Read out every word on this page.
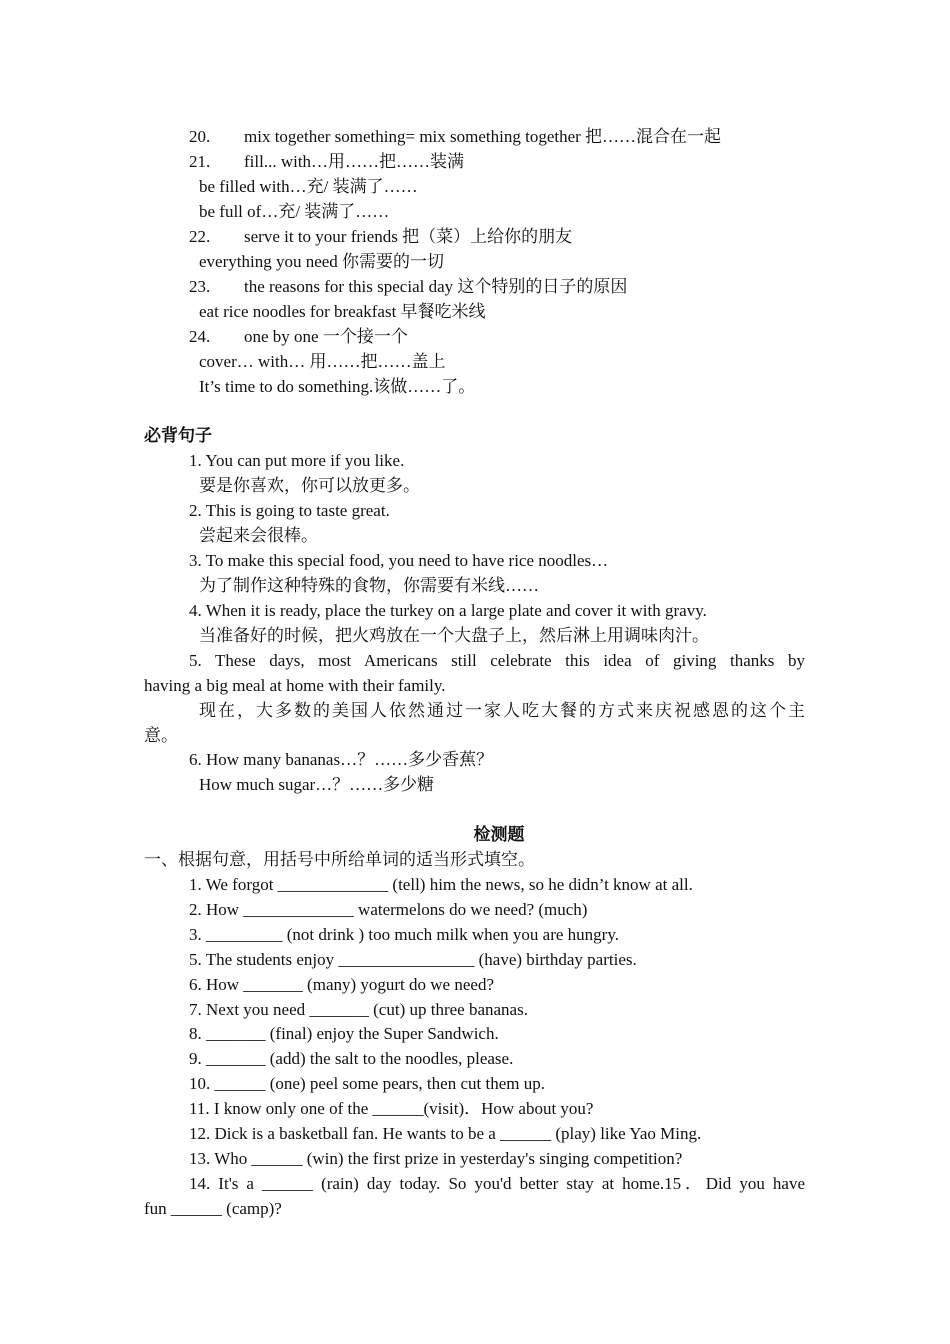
20. mix together something= mix something together 把……混合在一起
21. fill... with…用……把……装满
be filled with…充/ 装满了……
be full of…充/ 装满了……
22. serve it to your friends 把（菜）上给你的朋友
everything you need 你需要的一切
23. the reasons for this special day 这个特别的日子的原因
eat rice noodles for breakfast 早餐吃米线
24. one by one 一个接一个
cover… with… 用……把……盖上
It’s time to do something.该做……了。
必背句子
1. You can put more if you like.
要是你喜欢，你可以放更多。
2. This is going to taste great.
尝起来会很棒。
3. To make this special food, you need to have rice noodles…
为了制作这种特殊的食物，你需要有米线……
4. When it is ready, place the turkey on a large plate and cover it with gravy.
当准备好的时候，把火鸡放在一个大盘子上，然后淋上用调味肉汁。
5. These days, most Americans still celebrate this idea of giving thanks by
having a big meal at home with their family.
现在，大多数的美国人依然通过一家人吃大餐的方式来庆祝感恩的这个主
意。
6. How many bananas…？……多少香蕉？
How much sugar…？……多少糖
检测题
一、根据句意，用括号中所给单词的适当形式填空。
1. We forgot _____________ (tell) him the news, so he didn’t know at all.
2. How _____________ watermelons do we need? (much)
3. _________ (not drink ) too much milk when you are hungry.
5. The students enjoy ________________ (have) birthday parties.
6. How _______ (many) yogurt do we need?
7. Next you need _______ (cut) up three bananas.
8. _______ (final) enjoy the Super Sandwich.
9. _______ (add) the salt to the noodles, please.
10. ______ (one) peel some pears, then cut them up.
11. I know only one of the ______(visit)．How about you?
12. Dick is a basketball fan. He wants to be a ______ (play) like Yao Ming.
13. Who ______ (win) the first prize in yesterday's singing competition?
14. It's a ______ (rain) day today. So you'd better stay at home.15．Did you have
fun ______ (camp)?
